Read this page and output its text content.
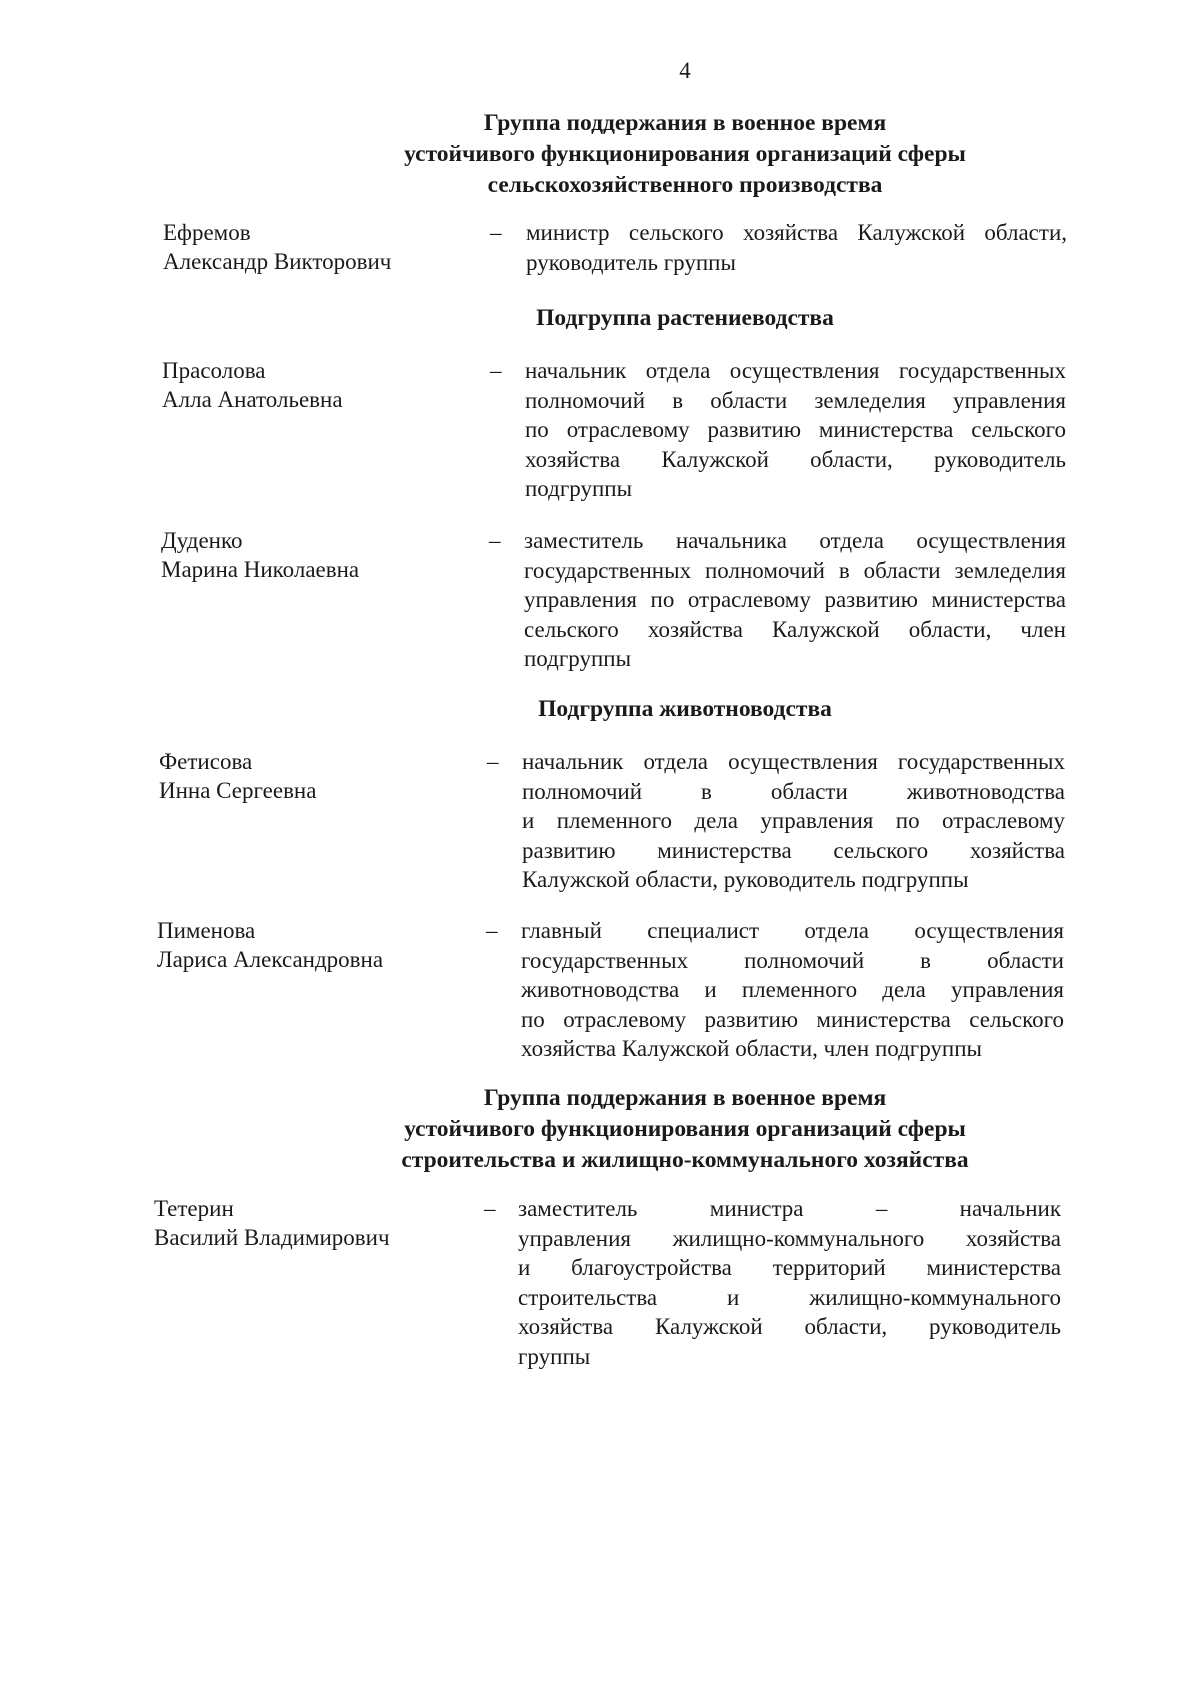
4
Группа поддержания в военное время
устойчивого функционирования организаций сферы
сельскохозяйственного производства
Ефремов
Александр Викторович
– министр сельского хозяйства Калужской области,
руководитель группы
Подгруппа растениеводства
Прасолова
Алла Анатольевна
– начальник отдела осуществления государственных
полномочий в области земледелия управления
по отраслевому развитию министерства сельского
хозяйства Калужской области, руководитель
подгруппы
Дуденко
Марина Николаевна
– заместитель начальника отдела осуществления
государственных полномочий в области земледелия
управления по отраслевому развитию министерства
сельского хозяйства Калужской области, член
подгруппы
Подгруппа животноводства
Фетисова
Инна Сергеевна
– начальник отдела осуществления государственных
полномочий в области животноводства
и племенного дела управления по отраслевому
развитию министерства сельского хозяйства
Калужской области, руководитель подгруппы
Пименова
Лариса Александровна
– главный специалист отдела осуществления
государственных полномочий в области
животноводства и племенного дела управления
по отраслевому развитию министерства сельского
хозяйства Калужской области, член подгруппы
Группа поддержания в военное время
устойчивого функционирования организаций сферы
строительства и жилищно-коммунального хозяйства
Тетерин
Василий Владимирович
– заместитель министра – начальник
управления жилищно-коммунального хозяйства
и благоустройства территорий министерства
строительства и жилищно-коммунального
хозяйства Калужской области, руководитель
группы
